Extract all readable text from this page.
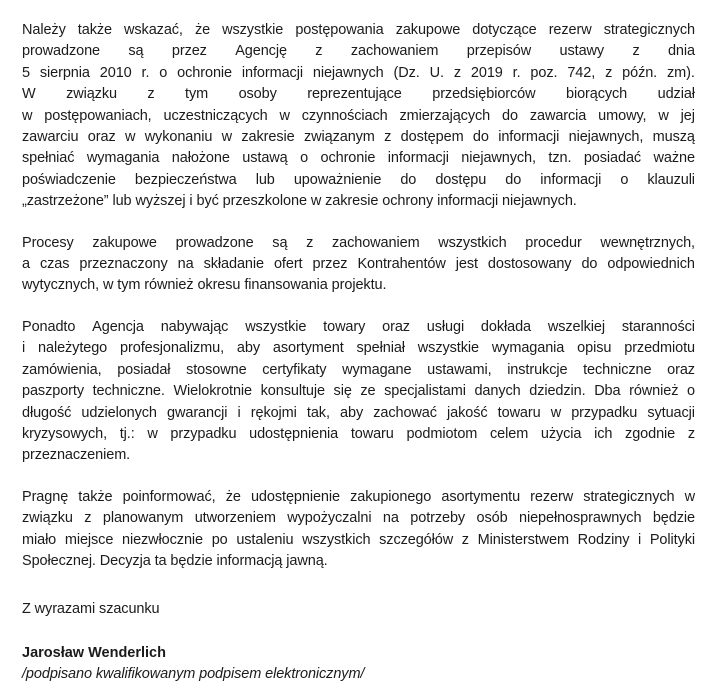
Należy także wskazać, że wszystkie postępowania zakupowe dotyczące rezerw strategicznych
prowadzone są przez Agencję z zachowaniem przepisów ustawy z dnia
5 sierpnia 2010 r. o ochronie informacji niejawnych (Dz. U. z 2019 r. poz. 742, z późn. zm).
W związku z tym osoby reprezentujące przedsiębiorców biorących udział
w postępowaniach, uczestniczących w czynnościach zmierzających do zawarcia umowy, w jej
zawarciu oraz w wykonaniu w zakresie związanym z dostępem do informacji niejawnych, muszą
spełniać wymagania nałożone ustawą o ochronie informacji niejawnych, tzn. posiadać ważne
poświadczenie bezpieczeństwa lub upoważnienie do dostępu do informacji o klauzuli
„zastrzeżone” lub wyższej i być przeszkolone w zakresie ochrony informacji niejawnych.
Procesy zakupowe prowadzone są z zachowaniem wszystkich procedur wewnętrznych,
a czas przeznaczony na składanie ofert przez Kontrahentów jest dostosowany do odpowiednich
wytycznych, w tym również okresu finansowania projektu.
Ponadto Agencja nabywając wszystkie towary oraz usługi dokłada wszelkiej staranności
i należytego profesjonalizmu, aby asortyment spełniał wszystkie wymagania opisu przedmiotu
zamówienia, posiadał stosowne certyfikaty wymagane ustawami, instrukcje techniczne oraz
paszporty techniczne. Wielokrotnie konsultuje się ze specjalistami danych dziedzin. Dba również o
długość udzielonych gwarancji i rękojmi tak, aby zachować jakość towaru w przypadku sytuacji
kryzysowych, tj.: w przypadku udostępnienia towaru podmiotom celem użycia ich zgodnie z
przeznaczeniem.
Pragnę także poinformować, że udostępnienie zakupionego asortymentu rezerw strategicznych w
związku z planowanym utworzeniem wypożyczalni na potrzeby osób niepełnosprawnych będzie
miało miejsce niezwłocznie po ustaleniu wszystkich szczegółów z Ministerstwem Rodziny i Polityki
Społecznej. Decyzja ta będzie informacją jawną.
Z wyrazami szacunku
Jarosław Wenderlich
/podpisano kwalifikowanym podpisem elektronicznym/
